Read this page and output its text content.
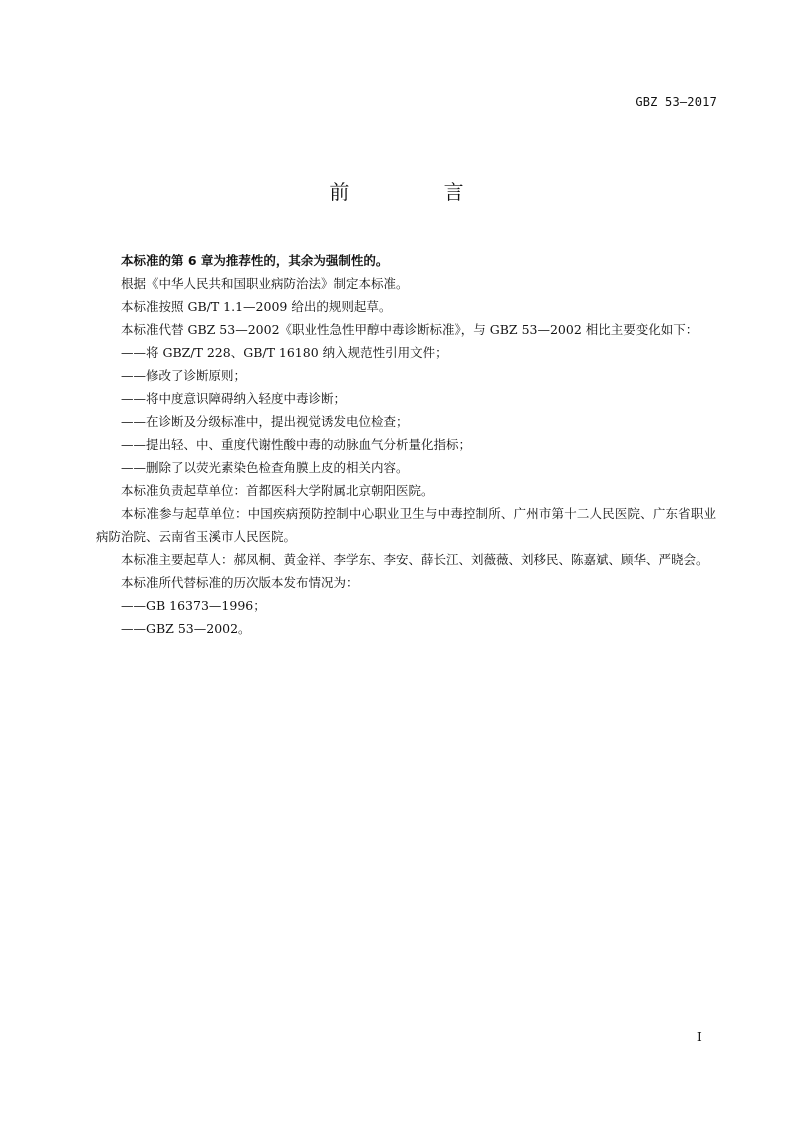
GBZ 53—2017
前 言

本标准的第 6 章为推荐性的，其余为强制性的。

根据《中华人民共和国职业病防治法》制定本标准。

本标准按照 GB/T 1.1—2009 给出的规则起草。

本标准代替 GBZ 53—2002《职业性急性甲醇中毒诊断标准》，与 GBZ 53—2002 相比主要变化如下：

——将 GBZ/T 228、GB/T 16180 纳入规范性引用文件；

——修改了诊断原则；

——将中度意识障碍纳入轻度中毒诊断；

——在诊断及分级标准中，提出视觉诱发电位检查；

——提出轻、中、重度代谢性酸中毒的动脉血气分析量化指标；

——删除了以荧光素染色检查角膜上皮的相关内容。

本标准负责起草单位：首都医科大学附属北京朝阳医院。

本标准参与起草单位：中国疾病预防控制中心职业卫生与中毒控制所、广州市第十二人民医院、广东省职业病防治院、云南省玉溪市人民医院。

本标准主要起草人：郝凤桐、黄金祥、李学东、李安、薛长江、刘薇薇、刘移民、陈嘉斌、顾华、严晓会。

本标准所代替标准的历次版本发布情况为：

——GB 16373—1996；

——GBZ 53—2002。

I
